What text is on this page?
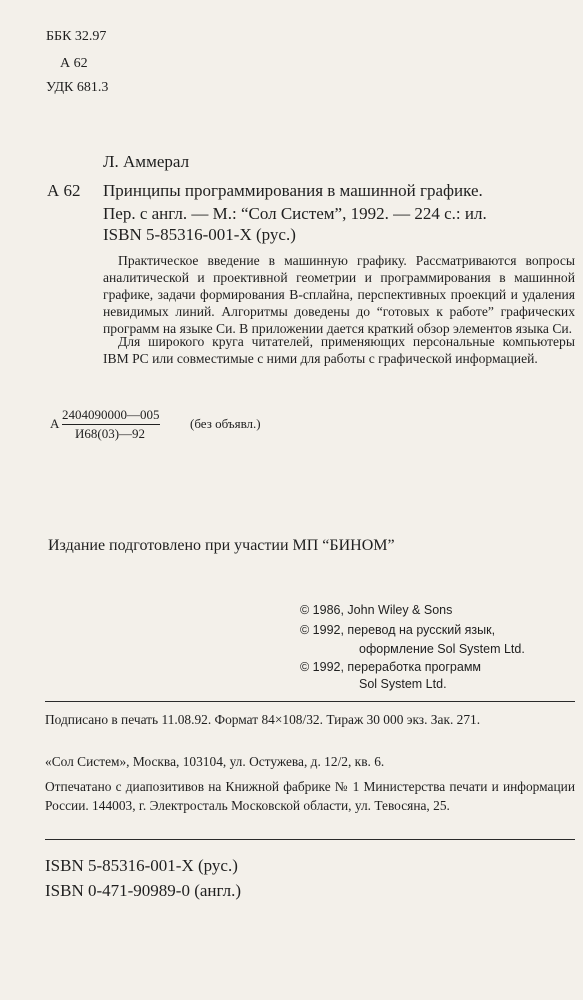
ББК 32.97
А 62
УДК 681.3
Л. Аммерал
А 62 Принципы программирования в машинной графике.
Пер. с англ. — М.: “Сол Систем”, 1992. — 224 с.: ил.
ISBN 5-85316-001-X (рус.)

Практическое введение в машинную графику. Рассматриваются вопросы аналитической и проективной геометрии и программирования в машинной графике, задачи формирования В-сплайна, перспективных проекций и удаления невидимых линий. Алгоритмы доведены до “готовых к работе” графических программ на языке Си. В приложении дается краткий обзор элементов языка Си.

Для широкого круга читателей, применяющих персональные компьютеры IBM PC или совместимые с ними для работы с графической информацией.

А
2404090000—005
И68(03)—92
(без объявл.)
Издание подготовлено при участии МП “БИНОМ”
© 1986, John Wiley & Sons
© 1992, перевод на русский язык,
оформление Sol System Ltd.
© 1992, переработка программ
Sol System Ltd.
Подписано в печать 11.08.92. Формат 84×108/32. Тираж 30 000 экз. Зак. 271.
«Сол Систем», Москва, 103104, ул. Остужева, д. 12/2, кв. 6.
Отпечатано с диапозитивов на Книжной фабрике № 1 Министерства печати и информации России. 144003, г. Электросталь Московской области, ул. Тевосяна, 25.
ISBN 5-85316-001-X (рус.)
ISBN 0-471-90989-0 (англ.)
